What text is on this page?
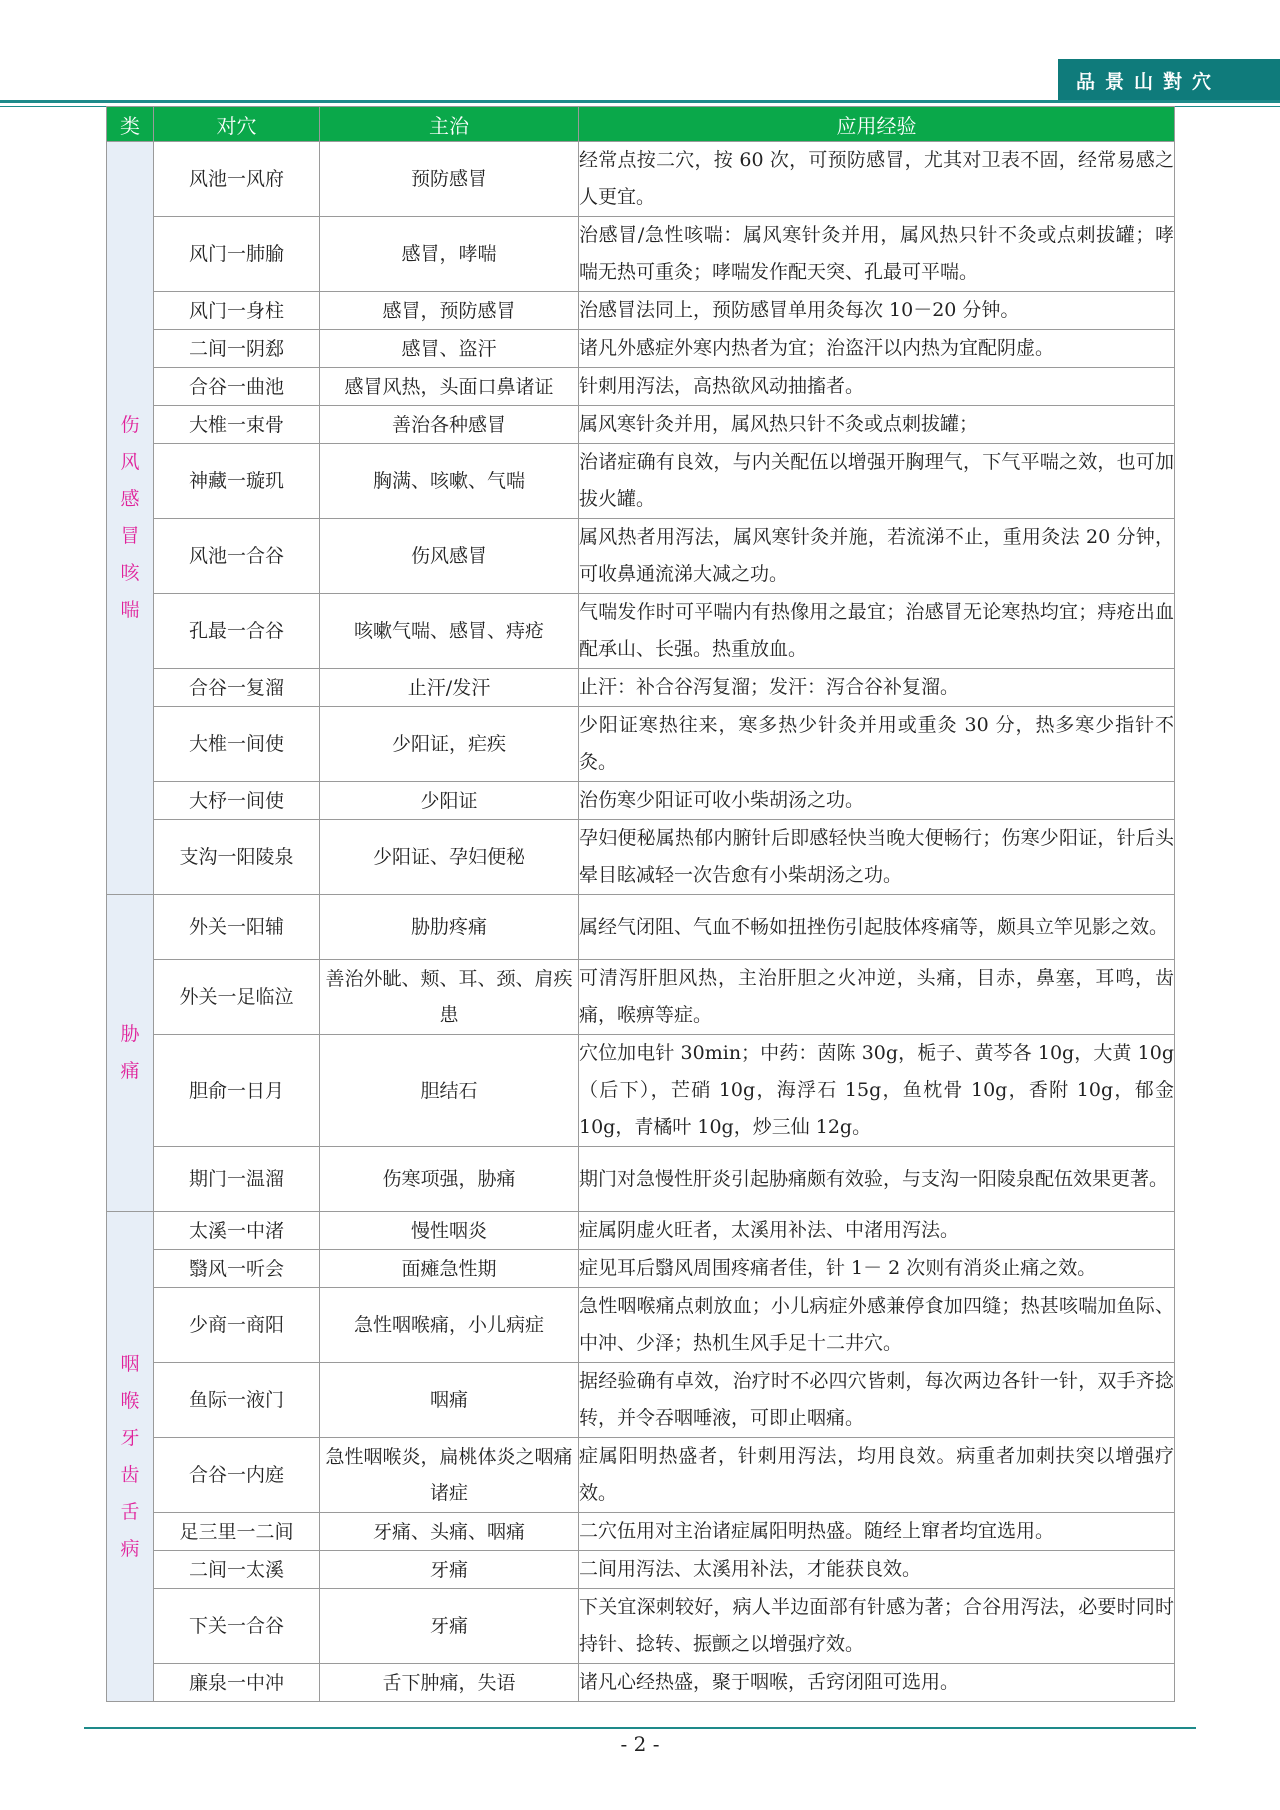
品景山對穴
类	对穴	主治	应用经验

伤风感冒咳喘	风池一风府	预防感冒	经常点按二穴，按 60 次，可预防感冒，尤其对卫表不固，经常易感之人更宜。
	风门一肺腧	感冒，哮喘	治感冒/急性咳喘：属风寒针灸并用，属风热只针不灸或点刺拔罐；哮喘无热可重灸；哮喘发作配天突、孔最可平喘。
	风门一身柱	感冒，预防感冒	治感冒法同上，预防感冒单用灸每次 10－20 分钟。
	二间一阴郄	感冒、盗汗	诸凡外感症外寒内热者为宜；治盗汗以内热为宜配阴虚。
	合谷一曲池	感冒风热，头面口鼻诸证	针刺用泻法，高热欲风动抽搐者。
	大椎一束骨	善治各种感冒	属风寒针灸并用，属风热只针不灸或点刺拔罐；
	神藏一璇玑	胸满、咳嗽、气喘	治诸症确有良效，与内关配伍以增强开胸理气，下气平喘之效，也可加拔火罐。
	风池一合谷	伤风感冒	属风热者用泻法，属风寒针灸并施，若流涕不止，重用灸法 20 分钟，可收鼻通流涕大减之功。
	孔最一合谷	咳嗽气喘、感冒、痔疮	气喘发作时可平喘内有热像用之最宜；治感冒无论寒热均宜；痔疮出血配承山、长强。热重放血。
	合谷一复溜	止汗/发汗	止汗：补合谷泻复溜；发汗：泻合谷补复溜。
	大椎一间使	少阳证，疟疾	少阳证寒热往来，寒多热少针灸并用或重灸 30 分，热多寒少指针不灸。
	大杼一间使	少阳证	治伤寒少阳证可收小柴胡汤之功。
	支沟一阳陵泉	少阳证、孕妇便秘	孕妇便秘属热郁内腑针后即感轻快当晚大便畅行；伤寒少阳证，针后头晕目眩减轻一次告愈有小柴胡汤之功。

胁痛	外关一阳辅	胁肋疼痛	属经气闭阻、气血不畅如扭挫伤引起肢体疼痛等，颇具立竿见影之效。
	外关一足临泣	善治外眦、颊、耳、颈、肩疾患	可清泻肝胆风热，主治肝胆之火冲逆，头痛，目赤，鼻塞，耳鸣，齿痛，喉痹等症。
	胆俞一日月	胆结石	穴位加电针 30min；中药：茵陈 30g，栀子、黄芩各 10g，大黄 10g（后下），芒硝 10g，海浮石 15g，鱼枕骨 10g，香附 10g，郁金 10g，青橘叶 10g，炒三仙 12g。
	期门一温溜	伤寒项强，胁痛	期门对急慢性肝炎引起胁痛颇有效验，与支沟一阳陵泉配伍效果更著。

咽喉牙齿舌病	太溪一中渚	慢性咽炎	症属阴虚火旺者，太溪用补法、中渚用泻法。
	翳风一听会	面瘫急性期	症见耳后翳风周围疼痛者佳，针 1－ 2 次则有消炎止痛之效。
	少商一商阳	急性咽喉痛，小儿病症	急性咽喉痛点刺放血；小儿病症外感兼停食加四缝；热甚咳喘加鱼际、中冲、少泽；热机生风手足十二井穴。
	鱼际一液门	咽痛	据经验确有卓效，治疗时不必四穴皆刺，每次两边各针一针，双手齐捻转，并令吞咽唾液，可即止咽痛。
	合谷一内庭	急性咽喉炎，扁桃体炎之咽痛诸症	症属阳明热盛者，针刺用泻法，均用良效。病重者加刺扶突以增强疗效。
	足三里一二间	牙痛、头痛、咽痛	二穴伍用对主治诸症属阳明热盛。随经上窜者均宜选用。
	二间一太溪	牙痛	二间用泻法、太溪用补法，才能获良效。
	下关一合谷	牙痛	下关宜深刺较好，病人半边面部有针感为著；合谷用泻法，必要时同时持针、捻转、振颤之以增强疗效。
	廉泉一中冲	舌下肿痛，失语	诸凡心经热盛，聚于咽喉，舌窍闭阻可选用。
- 2 -
